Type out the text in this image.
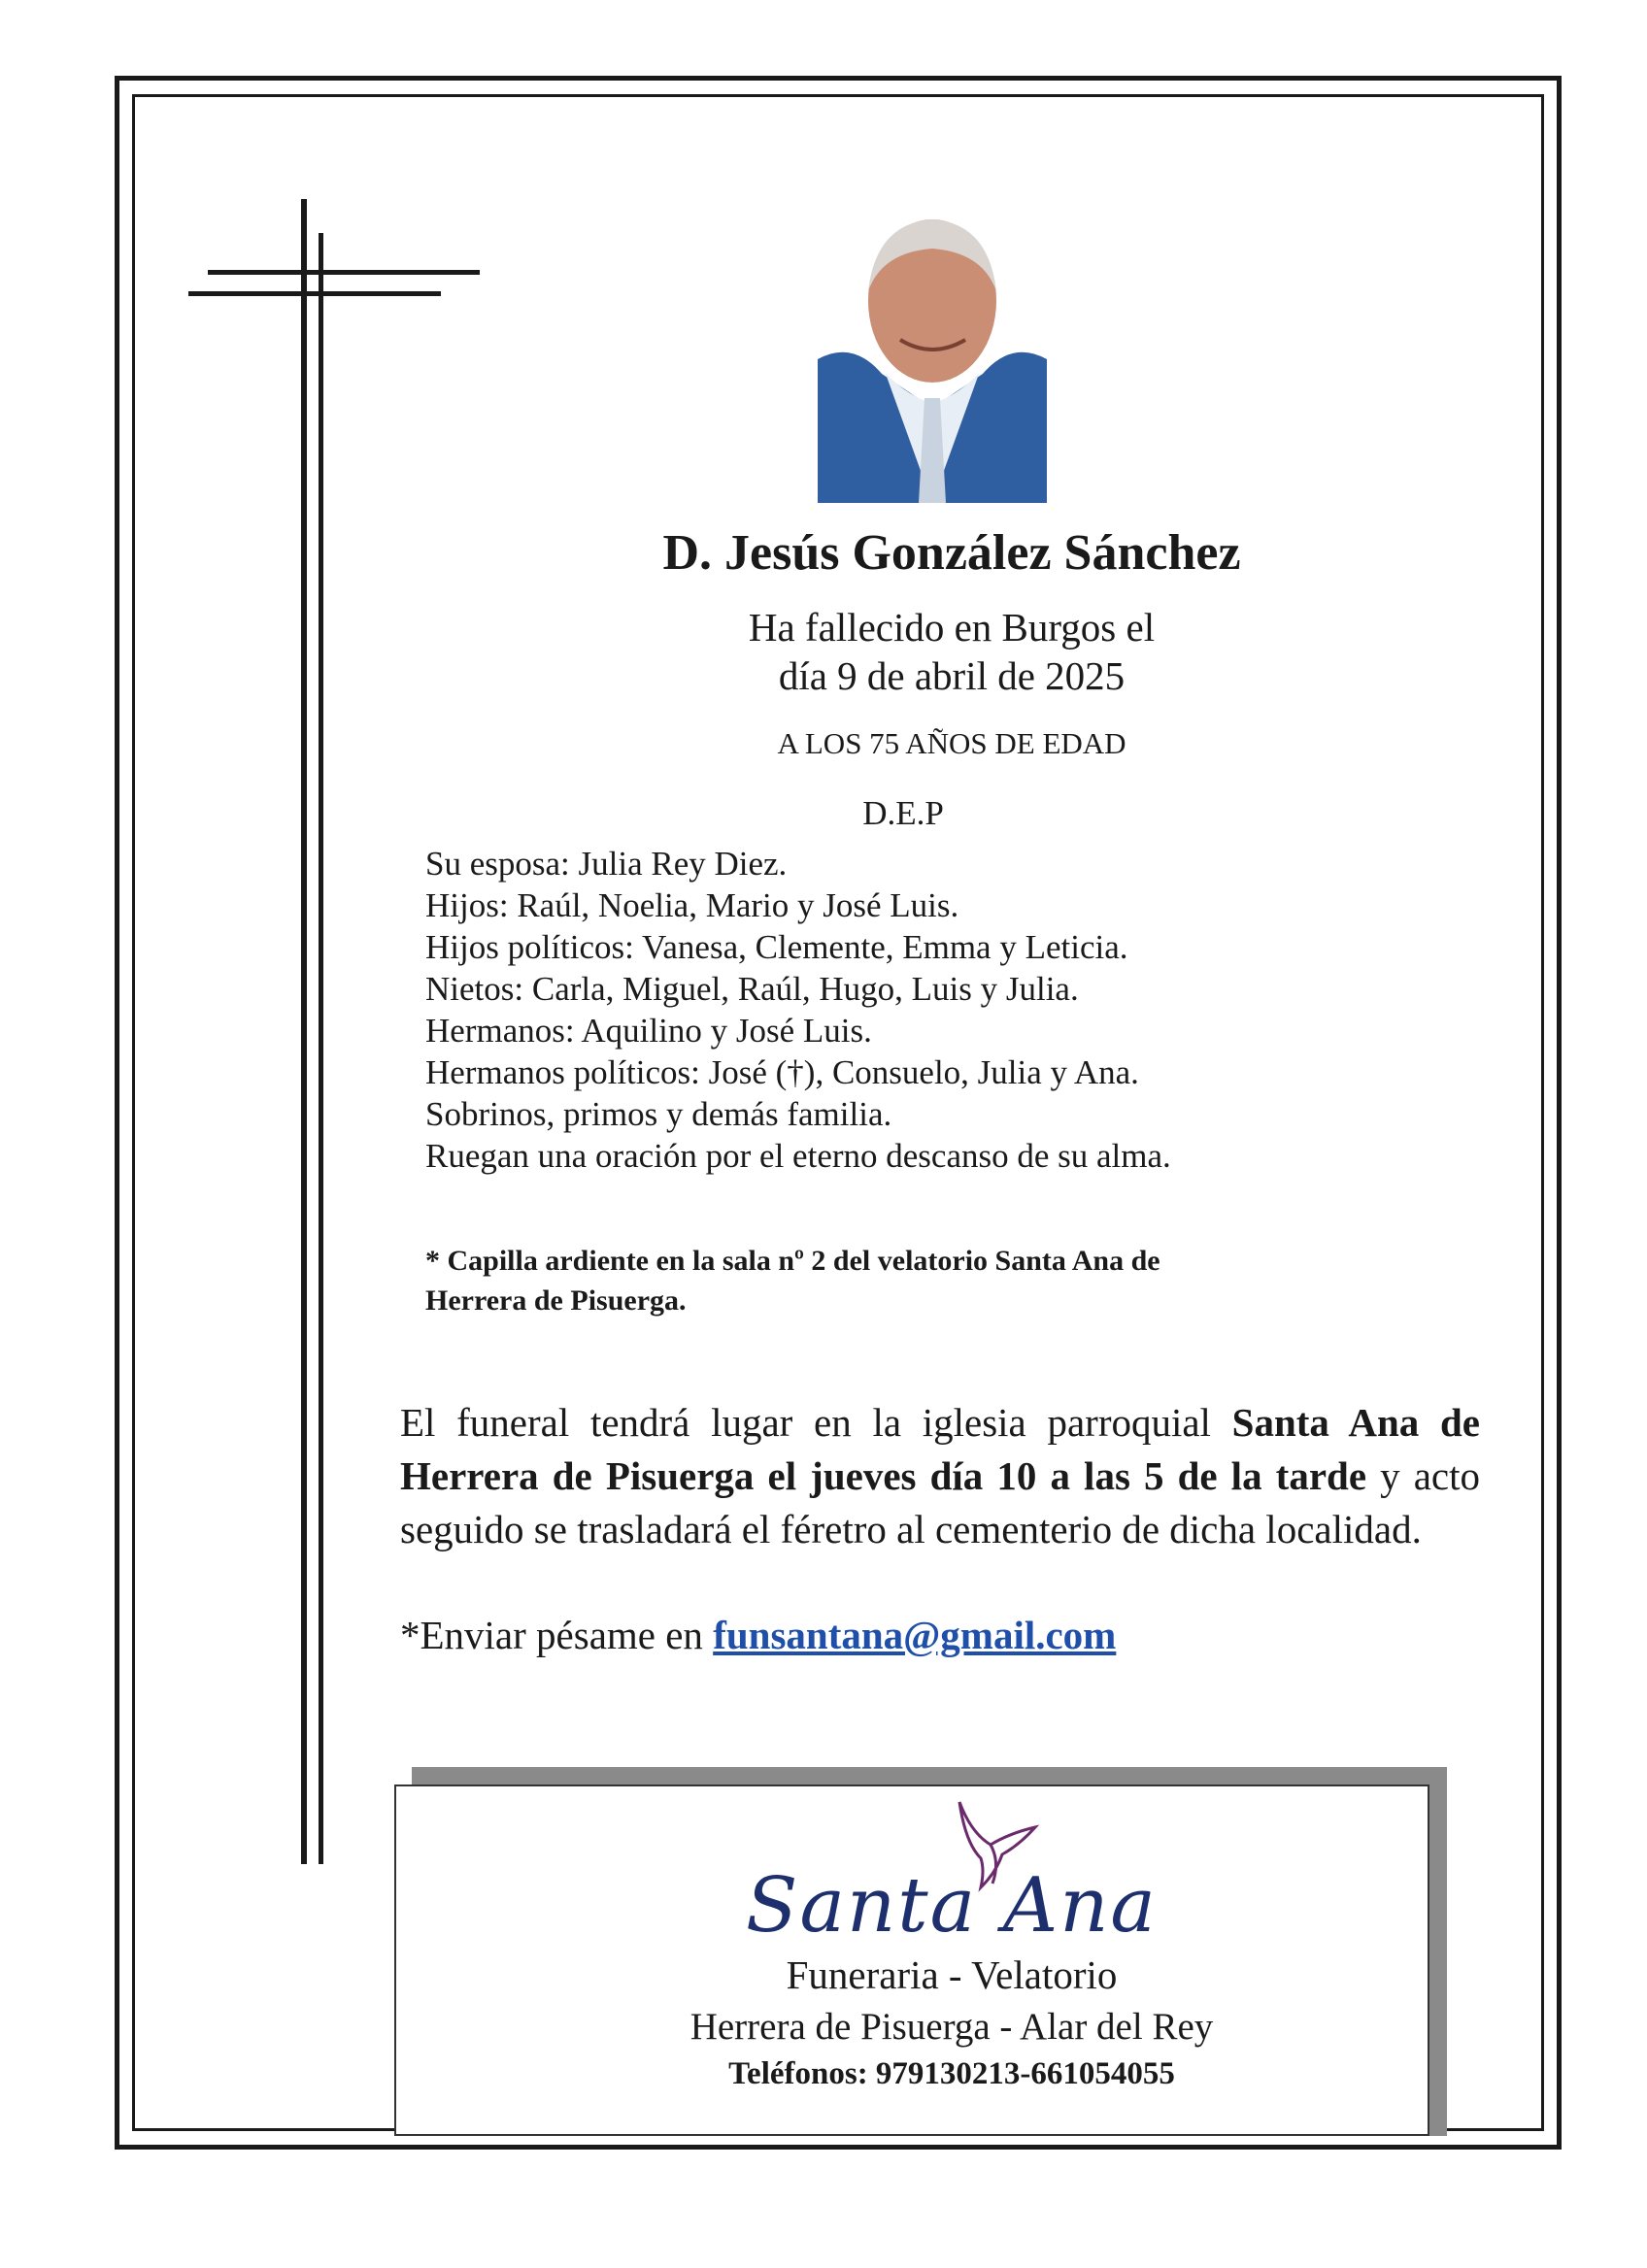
D. Jesús González Sánchez
Ha fallecido en Burgos el
día 9 de abril de 2025
A LOS 75 AÑOS DE EDAD
D.E.P
Su esposa: Julia Rey Diez.
Hijos: Raúl, Noelia, Mario y José Luis.
Hijos políticos: Vanesa, Clemente, Emma y Leticia.
Nietos: Carla, Miguel, Raúl, Hugo, Luis y Julia.
Hermanos: Aquilino y José Luis.
Hermanos políticos: José (†), Consuelo, Julia y Ana.
Sobrinos, primos y demás familia.
Ruegan una oración por el eterno descanso de su alma.
* Capilla ardiente en la sala nº 2 del velatorio Santa Ana de
Herrera de Pisuerga.
El funeral tendrá lugar en la iglesia parroquial Santa Ana de Herrera de Pisuerga el jueves día 10 a las 5 de la tarde y acto seguido se trasladará el féretro al cementerio de dicha localidad.
*Enviar pésame en funsantana@gmail.com
Santa Ana
Funeraria - Velatorio
Herrera de Pisuerga - Alar del Rey
Teléfonos: 979130213-661054055
